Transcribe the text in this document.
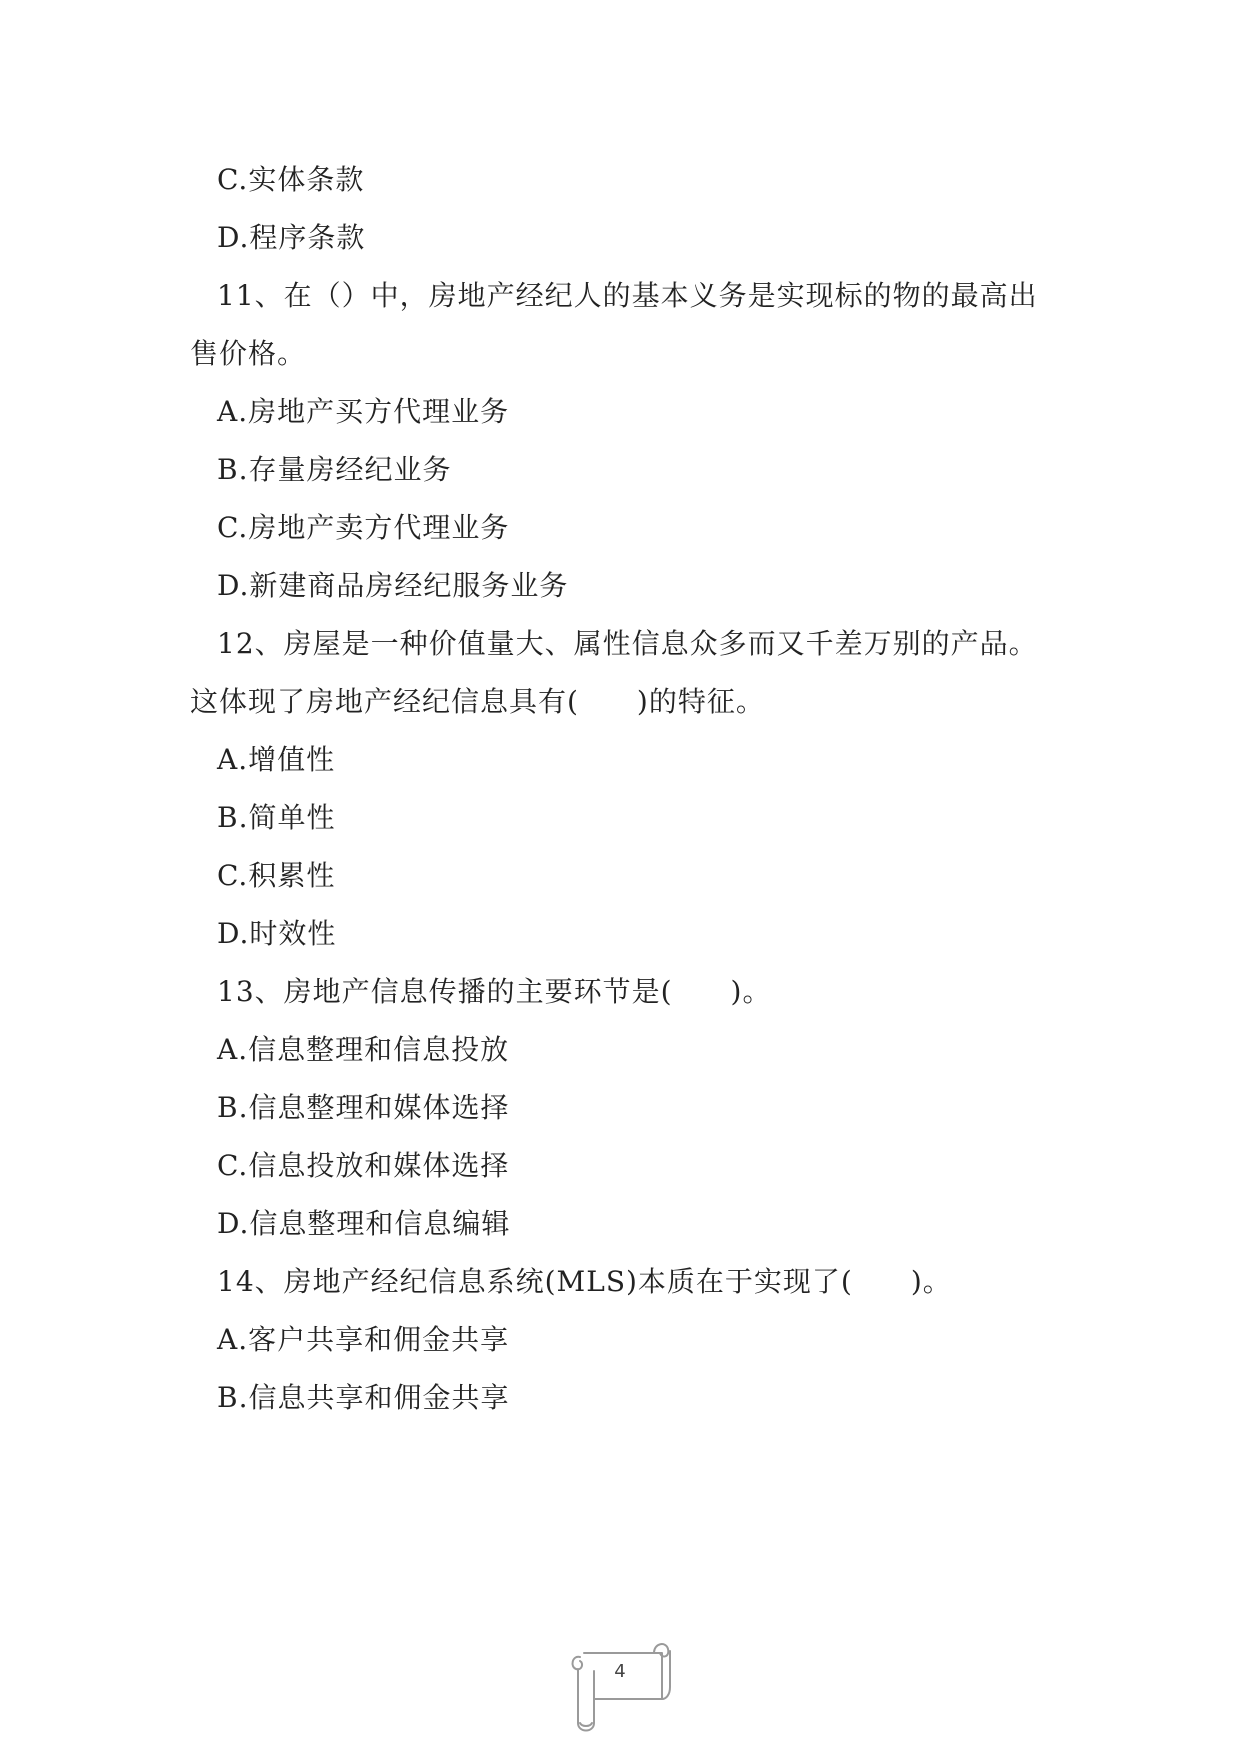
C.实体条款
D.程序条款
11、在（）中，房地产经纪人的基本义务是实现标的物的最高出
售价格。
A.房地产买方代理业务
B.存量房经纪业务
C.房地产卖方代理业务
D.新建商品房经纪服务业务
12、房屋是一种价值量大、属性信息众多而又千差万别的产品。
这体现了房地产经纪信息具有(　　)的特征。
A.增值性
B.简单性
C.积累性
D.时效性
13、房地产信息传播的主要环节是(　　)。
A.信息整理和信息投放
B.信息整理和媒体选择
C.信息投放和媒体选择
D.信息整理和信息编辑
14、房地产经纪信息系统(MLS)本质在于实现了(　　)。
A.客户共享和佣金共享
B.信息共享和佣金共享
4
